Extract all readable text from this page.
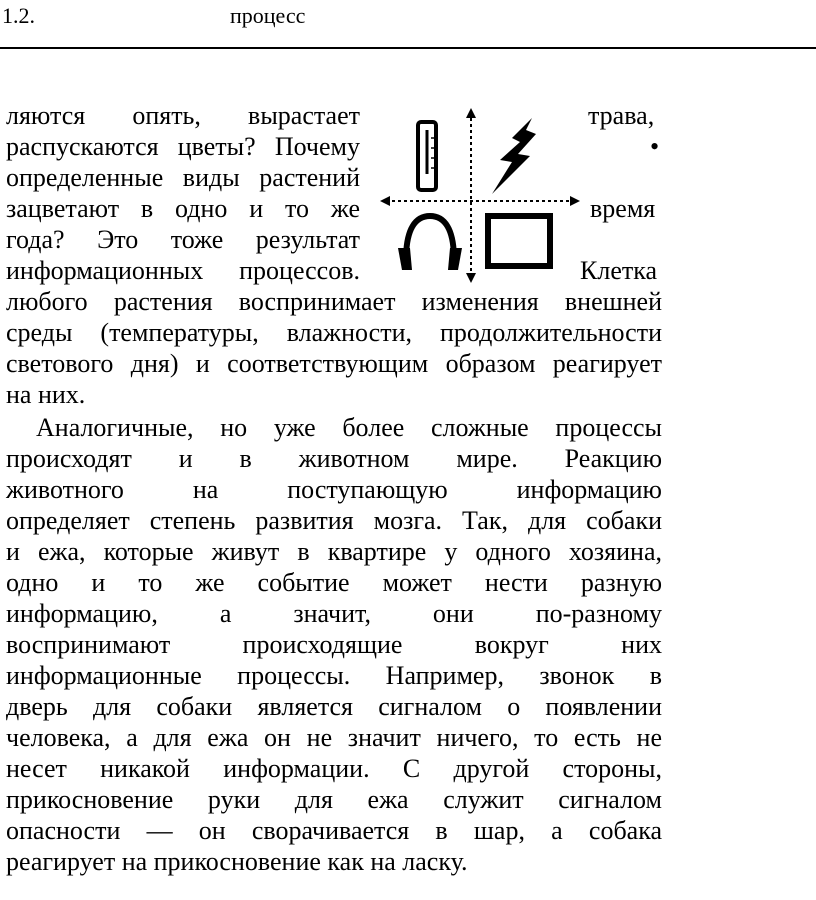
1.2.	процесс
ляются опять, вырастает	трава,
распускаются цветы? Почему	•
определенные виды растений
зацветают в одно и то же	время
года? Это тоже результат
информационных процессов.	Клетка
любого растения воспринимает изменения внешней
среды (температуры, влажности, продолжительности
светового дня) и соответствующим образом реагирует
на них.
Аналогичные, но уже более сложные процессы
происходят и в животном мире. Реакцию
животного на поступающую информацию
определяет степень развития мозга. Так, для собаки
и ежа, которые живут в квартире у одного хозяина,
одно и то же событие может нести разную
информацию, а значит, они по-разному
воспринимают происходящие вокруг них
информационные процессы. Например, звонок в
дверь для собаки является сигналом о появлении
человека, а для ежа он не значит ничего, то есть не
несет никакой информации. С другой стороны,
прикосновение руки для ежа служит сигналом
опасности — он сворачивается в шар, а собака
реагирует на прикосновение как на ласку.
